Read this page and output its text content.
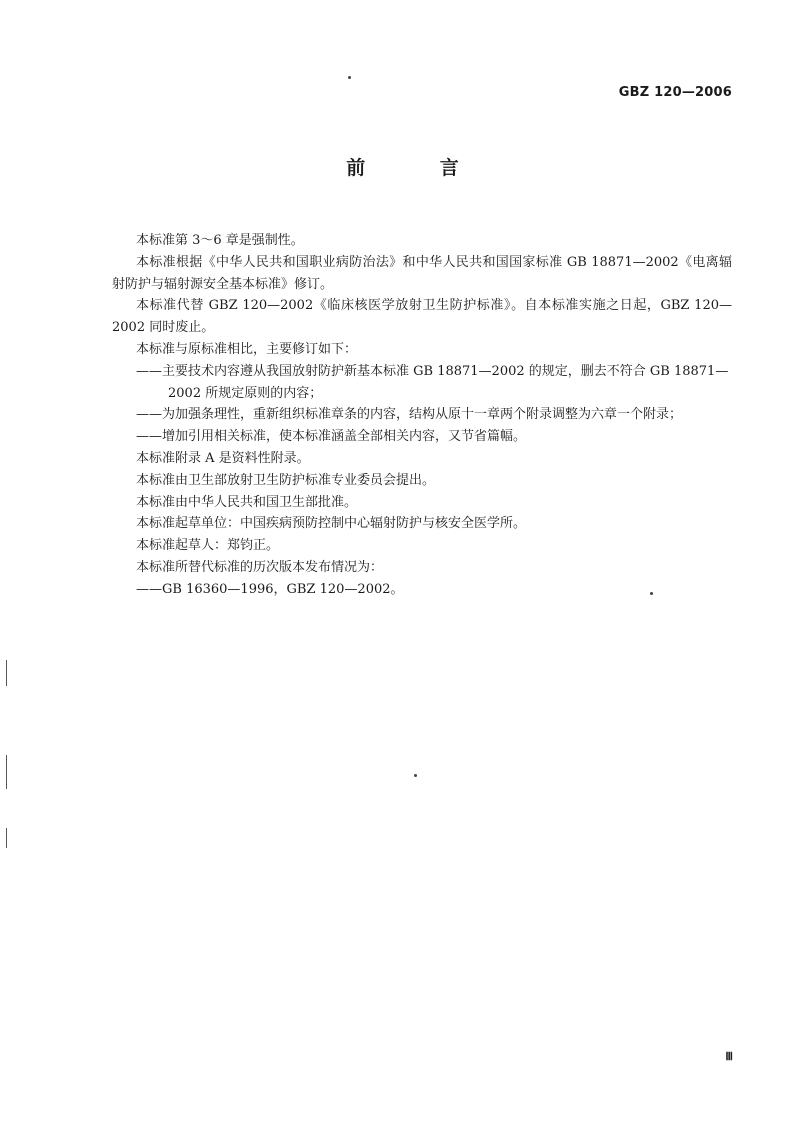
GBZ 120—2006
前 言

本标准第 3～6 章是强制性。

本标准根据《中华人民共和国职业病防治法》和中华人民共和国国家标准 GB 18871—2002《电离辐射防护与辐射源安全基本标准》修订。

本标准代替 GBZ 120—2002《临床核医学放射卫生防护标准》。自本标准实施之日起，GBZ 120—2002 同时废止。

本标准与原标准相比，主要修订如下：

——主要技术内容遵从我国放射防护新基本标准 GB 18871—2002 的规定，删去不符合 GB 18871—2002 所规定原则的内容；

——为加强条理性，重新组织标准章条的内容，结构从原十一章两个附录调整为六章一个附录；

——增加引用相关标准，使本标准涵盖全部相关内容，又节省篇幅。

本标准附录 A 是资料性附录。

本标准由卫生部放射卫生防护标准专业委员会提出。

本标准由中华人民共和国卫生部批准。

本标准起草单位：中国疾病预防控制中心辐射防护与核安全医学所。

本标准起草人：郑钧正。

本标准所替代标准的历次版本发布情况为：

——GB 16360—1996，GBZ 120—2002。

Ⅲ
